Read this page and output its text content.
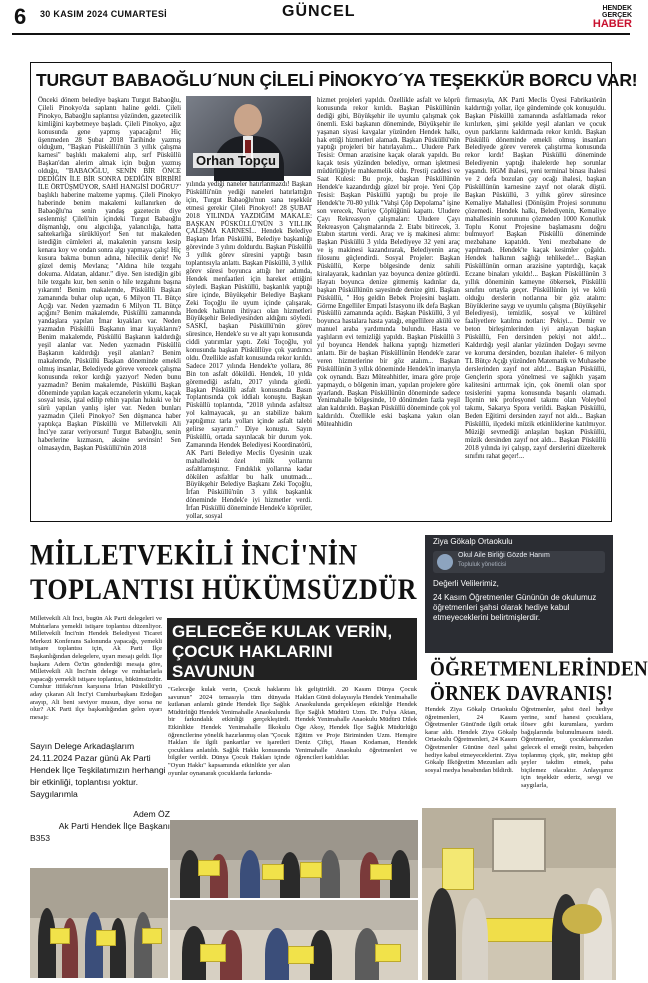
6 30 KASIM 2024 CUMARTESİ	GÜNCEL	HENDEK GERÇEK
HABER
TURGUT BABAOĞLU´NUN ÇİLELİ PİNOKYO´YA TEŞEKKÜR BORCU VAR!
Önceki dönem belediye başkanı Turgut Babaoğlu, Çileli Pinokyo'da saplantı haline geldi. Çileli Pinokyo, Babaoğlu saplantısı yüzünden, gazetecilik kimliğini kaybetmeye başladı. Çileli Pinokyo, ağız konusunda gene yapmış yapacağını! Hiç üşenmeden 28 Şubat 2018 Tarihinde yazmış olduğum, "Başkan Püsküllü'nün 3 yıllık çalışma karnesi" başlıklı makalemi alıp, sırf Püsküllü Başkan'dan alerim almak için buğun yazmış olduğu, "BABAOĞLU, SENİN BİR ÖNCE DEDİĞİN İLE BİR SONRA DEDİĞİN BİRBİRİ İLE ÖRTÜŞMÜYOR, SAHİ HANGİSİ DOĞRU?" başlıklı haberine malzeme yapmış. Çileli Pinokyo haberinde benim makalemi kullanırken de Babaoğlu'na senin yandaş gazetecin diye seslenmiş! Çileli'nin içindeki Turgut Babaoğlu düşmanlığı, onu algıcılığa, yalancılığa, hatta sahtekarlığa sürüklüyor! Sen tut makaleden istediğin cümleleri al, makalenin yarısını kesip kenara koy ve ondan sonra algı yapmaya çalış! Hiç kusura bakma bunun adına, hilecilik denir! Ne güzel demiş Mevlana; "Aldına hile tezgahı dokuma. Aldatan, aldanır." diye. Sen istediğin gibi hile tezgahı kur, ben senin o hile tezgahını başına yıkarım! Benim makalemde, Püsküllü Başkan zamanında buhar olup uçan, 6 Milyon TL Bütçe Açığı var. Neden yazmadın 6 Milyon TL Bütçe açığını? Benim makalemde, Püsküllü zamanında yandaşlara yapılan İmar kıyakları var. Neden yazmadın Püsküllü Başkanın imar kıyaklarını? Benim makalemde, Püsküllü Başkanın kaldırdığı yeşil alanlar var. Neden yazmadın Püsküllü Başkanın kaldırdığı yeşil alanları? Benim makalemde, Püsküllü Başkan döneminde emekli olmuş insanlar, Belediyede göreve verecek çalışma konusunda rekor kırdığı yazıyor! Neden bunu yazmadın? Benim makalemde, Püsküllü Başkan döneminde yapılan kaçak eczanelerin yıkımı, kaçak sosyal tesis, iştal edilip rehin yapılan hukuki ve bir sürü yapılan yanlış işler var. Neden bunları yazmadın Çileli Pinokyo? Sen düşmanca haber yaptıkça Başkan Püsküllü ve Milletvekili Ali İnci'ye zarar veriyorsun! Turgut Babaoğlu, senin haberlerine kızmasın, aksine sevinsin! Sen olmasaydın, Başkan Püsküllü'nün 2018
Orhan Topçu
yılında yediği naneler hatırlanmazdı! Başkan Püsküllü'nün yediği naneleri hatırlattığın için, Turgut Babaoğlu'nun sana teşekkür etmesi gerekir Çileli Pinokyo!! 28 ŞUBAT 2018 YILINDA YAZDIĞIM MAKALE: BAŞKAN PÜSKÜLLÜ'NÜN 3 YILLIK ÇALIŞMA KARNESİ... Hendek Belediye Başkanı İrfan Püsküllü, Belediye başkanlığı görevinde 3 yılını doldurdu. Başkan Püsküllü 3 yıllık görev süresini yaptığı basın toplantısıyla anlattı. Başkan Püsküllü, 3 yıllık görev süresi boyunca attığı her adımda, Hendek menfaatleri için hareket ettiğini söyledi. Başkan Püsküllü, başkanlık yaptığı süre içinde, Büyükşehir Belediye Başkanı Zeki Toçoğlu ile uyum içinde çalışarak, Hendek halkının ihtiyacı olan hizmetleri Büyükşehir Belediyesinden aldığını söyledi. SASKİ, başkan Püsküllü'nün görev süresince, Hendek'e su ve alt yapı konusunda ciddi yatırımlar yaptı. Zeki Toçoğlu, yol konusunda başkan Püsküllüye çok yardımcı oldu. Özellikle asfalt konusunda rekor kırıldı. Sadece 2017 yılında Hendek'te yollara, 86 Bin ton asfalt döküldü. Hendek, 10 yılda göremediği asfaltı, 2017 yılında gördü. Başkan Püsküllü asfalt konusunda Basın Toplantısında çok iddialı konuştu. Başkan Püsküllü toplantıda, "2018 yılında asfaltsız yol kalmayacak, şu an stabilize bakım yaptığımız tarla yolları içinde asfalt talebi gelirse sayarım." Diye konuştu. Sayın Püsküllü, ortada sayınlacak bir durum yok. Zamanında Hendek Belediyesi Koordinatörü, AK Parti Belediye Meclis Üyesinin uzak mahalledeki özel mülk yollarını asfaltlamıştınız. Fındıklık yollarına kadar dökülen asfaltlar bu halk unutmadı... Büyükşehir Belediye Başkanı Zeki Toçoğlu, İrfan Püsküllü'nün 3 yıllık başkanlık döneminde Hendek'e iyi hizmetler verdi. İrfan Püsküllü döneminde Hendek'e köprüler, yollar, sosyal
hizmet projeleri yapıldı. Özellikle asfalt ve köprü konusunda rekor kırıldı. Başkan Püsküllünün dediği gibi, Büyükşehir ile uyumlu çalışmak çok önemli. Eski başkanın döneminde, Büyükşehir ile yaşanan siyasi kavgalar yüzünden Hendek halkı, hak ettiği hizmetleri alamadı. Başkan Püsküllü'nün yaptığı projeleri bir hatırlayalım... Uludere Park Tesisi: Orman arazisine kaçak olarak yapıldı. Bu kaçak tesis yüzünden belediye, orman işletmesi müdürlüğüyle mahkemelik oldu. Prestij caddesi ve Saat Kulesi: Bu proje, başkan Püsküllünün Hendek'e kazandırdığı güzel bir proje. Yeni Çöp Tesisi: Başkan Püsküllü yaptığı bu proje ile Hendek'te 70-80 yıllık "Vahşi Çöp Depolama" işine son verecek, Nuriye Çöplüğünü kapattı. Uludere Çayı Rekreasyon çalışmaları: Uludere Çayı Rekreasyon Çalışmalarında 2. Etabı bitirecek, 3. Etabın startını verdi. Araç ve iş makinesi alımı: Başkan Püsküllü 3 yılda Belediyeye 32 yeni araç ve iş makinesi kazandırarak, Belediyenin araç filosunu güçlendirdi. Sosyal Projeler: Başkan Püsküllü, Kerpe bölgesinde deniz sahili kiralayarak, kadınları yaz boyunca denize götürdü. Hayatı boyunca denize gitmemiş kadınlar da, başkan Püsküllünün sayesinde denize gitti. Başkan Püsküllü, " Hoş geldin Bebek Projesini başlattı. Görme Engelliler Empati İstasyonu ilk defa Başkan Püsküllü zamanında açıldı. Başkan Püsküllü, 3 yıl boyunca hastalara hasta yatağı, engellilere akülü ve manuel araba yardımında bulundu. Hasta ve yaşlıların evi temizliği yapıldı. Başkan Püsküllü 3 yıl boyunca Hendek halkına yaptığı hizmetleri anlattı. Bir de başkan Püsküllünün Hendek'e zarar veren hizmetlerine bir göz atalım... Başkan Püsküllünün 3 yıllık döneminde Hendek'in imarıyla çok oynandı. Bazı Müteahhitler, imara göre proje yapmaydı, o bölgenin imarı, yapılan projelere göre ayarlandı. Başkan Püsküllünün döneminde sadece Yenimahalle bölgesinde, 10 dönümden fazla yeşil alan kaldırıldı. Başkan Püsküllü döneminde çok yol kaldırıldı. Özellikle eski başkana yakın olan Müteahhidin
firmasıyla, AK Parti Meclis Üyesi Fabrikatörün kaldırttığı yollar, ilçe gündeminde çok konuşuldu. Başkan Püsküllü zamanında asfaltlamada rekor kırılırken, şimi şekilde yeşil alanları ve çocuk oyun parklarını kaldırmada rekor kırıldı. Başkan Püsküllü döneminde emekli olmuş insanları Belediyede görev vererek çalıştırma konusunda rekor kırdı! Başkan Püsküllü döneminde Belediyenin yaptığı ihalelerde hep sorunlar yaşandı. HGM ihalesi, yeni terminal binası ihalesi ve 2 defa bozulan çay ocağı ihalesi, başkan Püsküllünün karnesine zayıf not olarak düştü. Başkan Püsküllü, 3 yıllık görev süresince Kemaliye Mahallesi (Dönüşüm Projesi sorununu çözemedi. Hendek halkı, Belediyenin, Kemaliye mahallesinin sorununu çözmeden 1000 Konutluk Toplu Konut Projesine başlamasını doğru bulmuyor! Başkan Püsküllü döneminde mezbahane kapatıldı. Yeni mezbahane de yapılmadı. Hendek'te kaçak kesimler çoğaldı. Hendek halkının sağlığı tehlikede!... Başkan Püsküllünün orman arazisine yaptırdığı, kaçak Eczane binaları yıkıldı!... Başkan Püsküllünün 3 yıllık döneminin kameyne öbkersek, Püsküllü sınıfını ortayla geçer. Püsküllünün iyi ve kötü olduğu derslerin notlarına bir göz atalım: Büyüklerine saygı ve uyumlu çalışma (Büyükşehir Belediyesi), temizlik, sosyal ve kültürel faaliyetlere katılma notları: Pekiyi... Demir ve beton birleşimlerinden iyi anlayan başkan Püsküllü, Fen dersinden pekiyi not aldı!... Kaldırdığı yeşil alanlar yüzünden Doğayı sevme ve koruma dersinden, bozulan ihaleler- 6 milyon TL Bütçe Açığı yüzünden Matematik ve Muhasebe derslerinden zayıf not aldı!... Başkan Püsküllü, Gençlerin spora yönelmesi ve sağlıklı yaşam kalitesini arttırmak için, çok önemli olan spor tesislerini yapma konusunda başarılı olamadı. İlçenin tek profesyonel takımı olan Voleybol takımı, Sakarya Spora verildi. Başkan Püsküllü, Beden Eğitimi dersinden zayıf not aldı... Başkan Püsküllü, ilçedeki müzik etkinliklerine katılmıyor. Müziği sevmediği anlaşılan başkan Püsküllü, müzik dersinden zayıf not aldı... Başkan Püsküllü 2018 yılında iyi çalışıp, zayıf derslerini düzelterek sınıfını rahat geçer!...
MİLLETVEKİLİ İNCİ'NİN
TOPLANTISI HÜKÜMSÜZDÜR
Milletvekili Ali İnci, bugün Ak Parti delegeleri ve Muhtarlara yemekli istişare toplantısı düzenliyor. Milletvekili İnci'nin Hendek Belediyesi Ticaret Merkezi Konferans Salonunda yapacağı, yemekli istişare toplantısı için, Ak Parti İlçe Başkanlığından delegelere, uyarı mesajı geldi. İlçe başkanı Adem Öz'ün gönderdiği mesaja göre, Milletvekili Ali İnci'nin delege ve muhtarlarla yapacağı yemekli istişare toplantısı, hükümsüzdür. Cumhur ittifakı'nın karşısına İrfan Püsküllü'yü aday çıkaran Ali İnci'yi Cumhurbaşkanı Erdoğan arayıp, Ali beni seviyor musun, diye sorsa ne olur? AK Parti ilçe başkanlığından gelen uyarı mesajı:
Sayın Delege Arkadaşlarım 24.11.2024 Pazar günü Ak Parti Hendek İlçe Teşkilatımızın herhangi bir etkinliği, toplantısı yoktur. Saygılarımla
Adem ÖZ
Ak Parti Hendek İlçe Başkanı
B353
GELECEĞE KULAK VERİN, ÇOCUK HAKLARINI SAVUNUN
"Geleceğe kulak verin, Çocuk haklarını savunun" 2024 temasıyla tüm dünyada kutlanan anlamlı günde Hendek İlçe Sağlık Müdürlüğü Hendek Yenimahalle Anaokulunda bir farkındalık etkinliği gerçekleştirdi. Etkinlikte Hendek Yenimahalle İlkokulu öğrencilerine yönelik hazırlanmış olan "Çocuk Hakları ile ilgili pankartlar ve işaretleri çocuklara anlatıldı. Sağlık Hakkı konusunda bilgiler verildi. Dünya Çocuk Hakları içinde "Oyun Hakkı" kapsamında etkinlikte yer alan oyunlar oynanarak çocuklarda farkında-
lık geliştirildi. 20 Kasım Dünya Çocuk Hakları Günü dolayısıyla Hendek Yenimahalle Anaokulunda gerçekleşen etkinliğe Hendek İlçe Sağlık Müdürü Uzm. Dr. Fulya Aktan, Hendek Yenimahalle Anaokulu Müdürü Dilek Öge Akoy, Hendek İlçe Sağlık Müdürlüğü Eğitim ve Proje Biriminden Uzm. Hemşire Deniz Çiftçi, Hasan Kodaman, Hendek Yenimahalle Anaokulu öğretmenleri ve öğrencileri katıldılar.
Ziya Gökalp Ortaokulu
Okul Aile Birliği Gözde Hanım
Topluluk yöneticisi
Değerli Velilerimiz,
24 Kasım Öğretmenler Gününün de okulumuz öğretmenleri şahsi olarak hediye kabul etmeyeceklerini belirtmişlerdir.
ÖĞRETMENLERİNDEN ÖRNEK DAVRANIŞ!
Hendek Ziya Gökalp Ortaokulu öğretmenleri, 24 Kasım Öğretmenler Günü'nde ilgili ortak karar aldı. Hendek Ziya Gökalp Ortaokulu Öğretmenleri, 24 Kasım Öğretmenler Gününe özel şahsi hediye kabul etmeyeceklerini. Ziya Gökalp İlköğretim Mezunları adlı sosyal medya hesabından bildirdi.
Öğretmenler, şahsi özel hediye yerine, sınıf hanesi çocuklara, ilösev gibi kurumlara, yardım bağışlarında bulunulmasını istedi. Öğretmenler, çocuklarımızdan gelecek el emeği resim, bahçeden toplanmış çiçek, şiir, mektup gibi şeyler takdim etmek, paha biçilemez olacaktır. Anlayışınız için teşekkür ederiz, sevgi ve saygılarla,
